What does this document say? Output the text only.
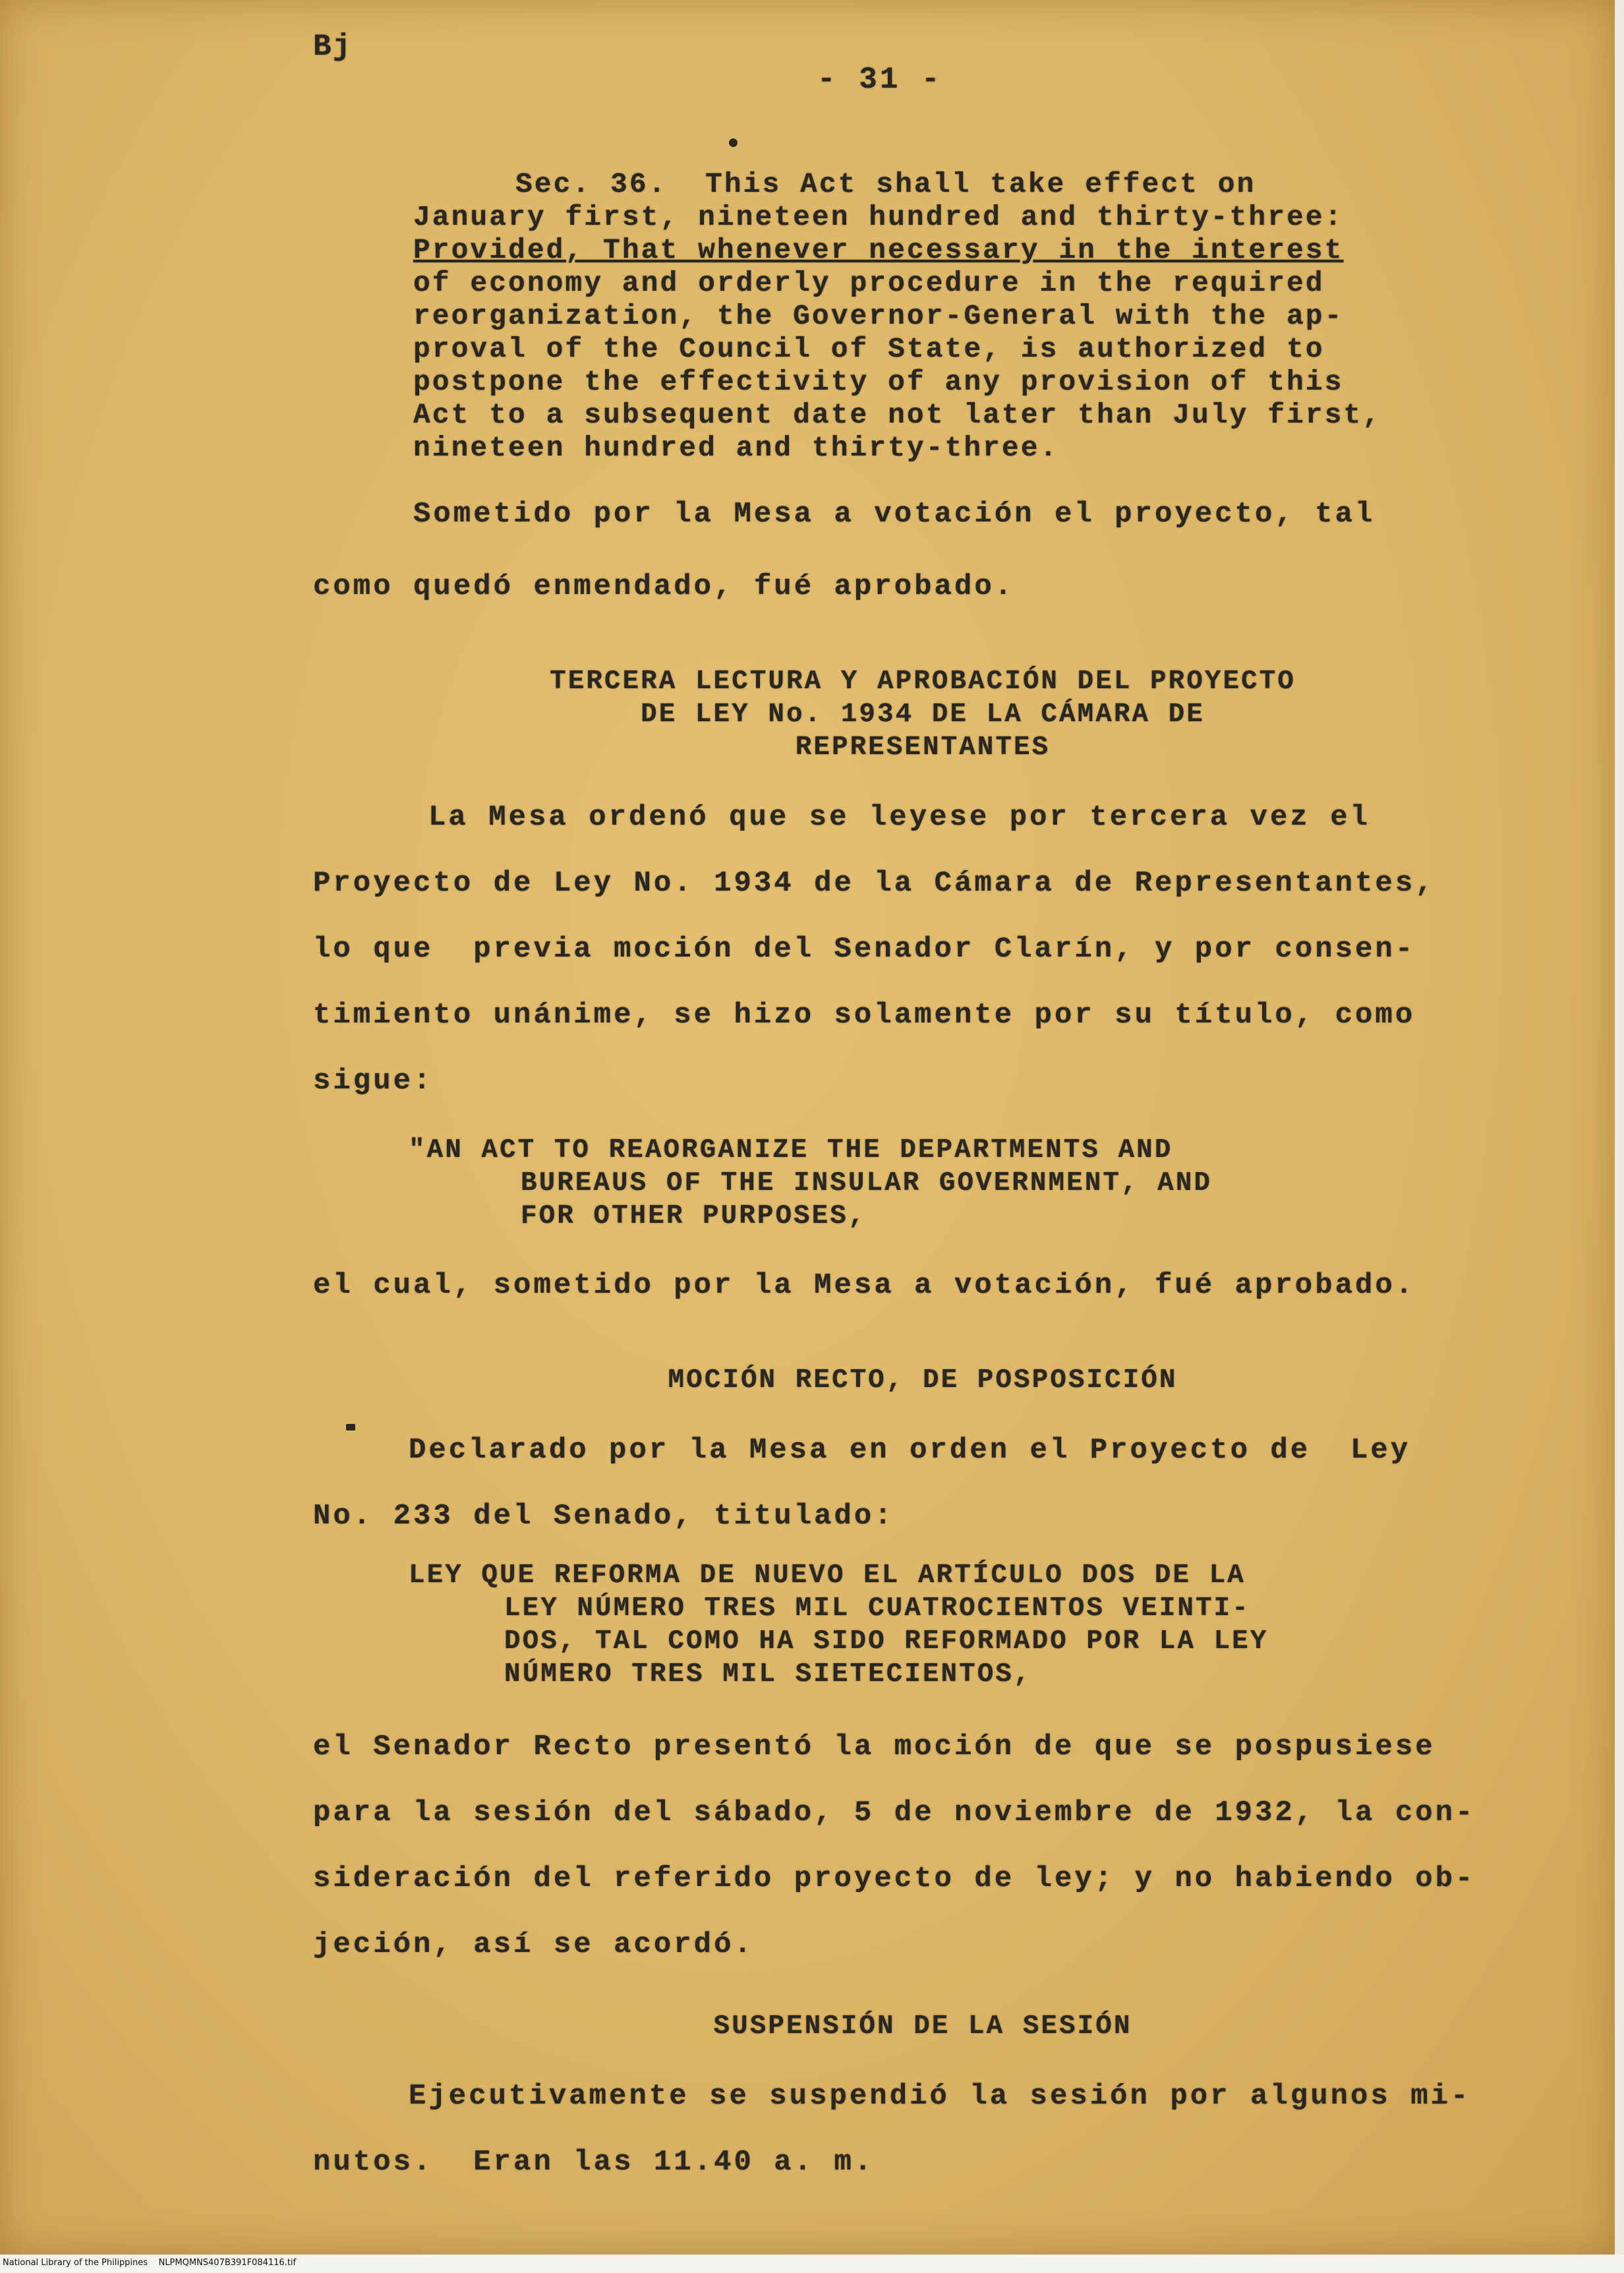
Bj

- 31 -

Sec. 36.  This Act shall take effect on

January first, nineteen hundred and thirty-three:

Provided, That whenever necessary in the interest

of economy and orderly procedure in the required

reorganization, the Governor-General with the ap-

proval of the Council of State, is authorized to

postpone the effectivity of any provision of this

Act to a subsequent date not later than July first,

nineteen hundred and thirty-three.

Sometido por la Mesa a votación el proyecto, tal

como quedó enmendado, fué aprobado.

TERCERA LECTURA Y APROBACIÓN DEL PROYECTO

DE LEY No. 1934 DE LA CÁMARA DE

REPRESENTANTES

La Mesa ordenó que se leyese por tercera vez el

Proyecto de Ley No. 1934 de la Cámara de Representantes,

lo que  previa moción del Senador Clarín, y por consen-

timiento unánime, se hizo solamente por su título, como

sigue:

"AN ACT TO REAORGANIZE THE DEPARTMENTS AND

BUREAUS OF THE INSULAR GOVERNMENT, AND

FOR OTHER PURPOSES,

el cual, sometido por la Mesa a votación, fué aprobado.

MOCIÓN RECTO, DE POSPOSICIÓN

Declarado por la Mesa en orden el Proyecto de  Ley

No. 233 del Senado, titulado:

LEY QUE REFORMA DE NUEVO EL ARTÍCULO DOS DE LA

LEY NÚMERO TRES MIL CUATROCIENTOS VEINTI-

DOS, TAL COMO HA SIDO REFORMADO POR LA LEY

NÚMERO TRES MIL SIETECIENTOS,

el Senador Recto presentó la moción de que se pospusiese

para la sesión del sábado, 5 de noviembre de 1932, la con-

sideración del referido proyecto de ley; y no habiendo ob-

jeción, así se acordó.

SUSPENSIÓN DE LA SESIÓN

Ejecutivamente se suspendió la sesión por algunos mi-

nutos.  Eran las 11.40 a. m.

National Library of the Philippines    NLPMQMNS407B391F084116.tif
